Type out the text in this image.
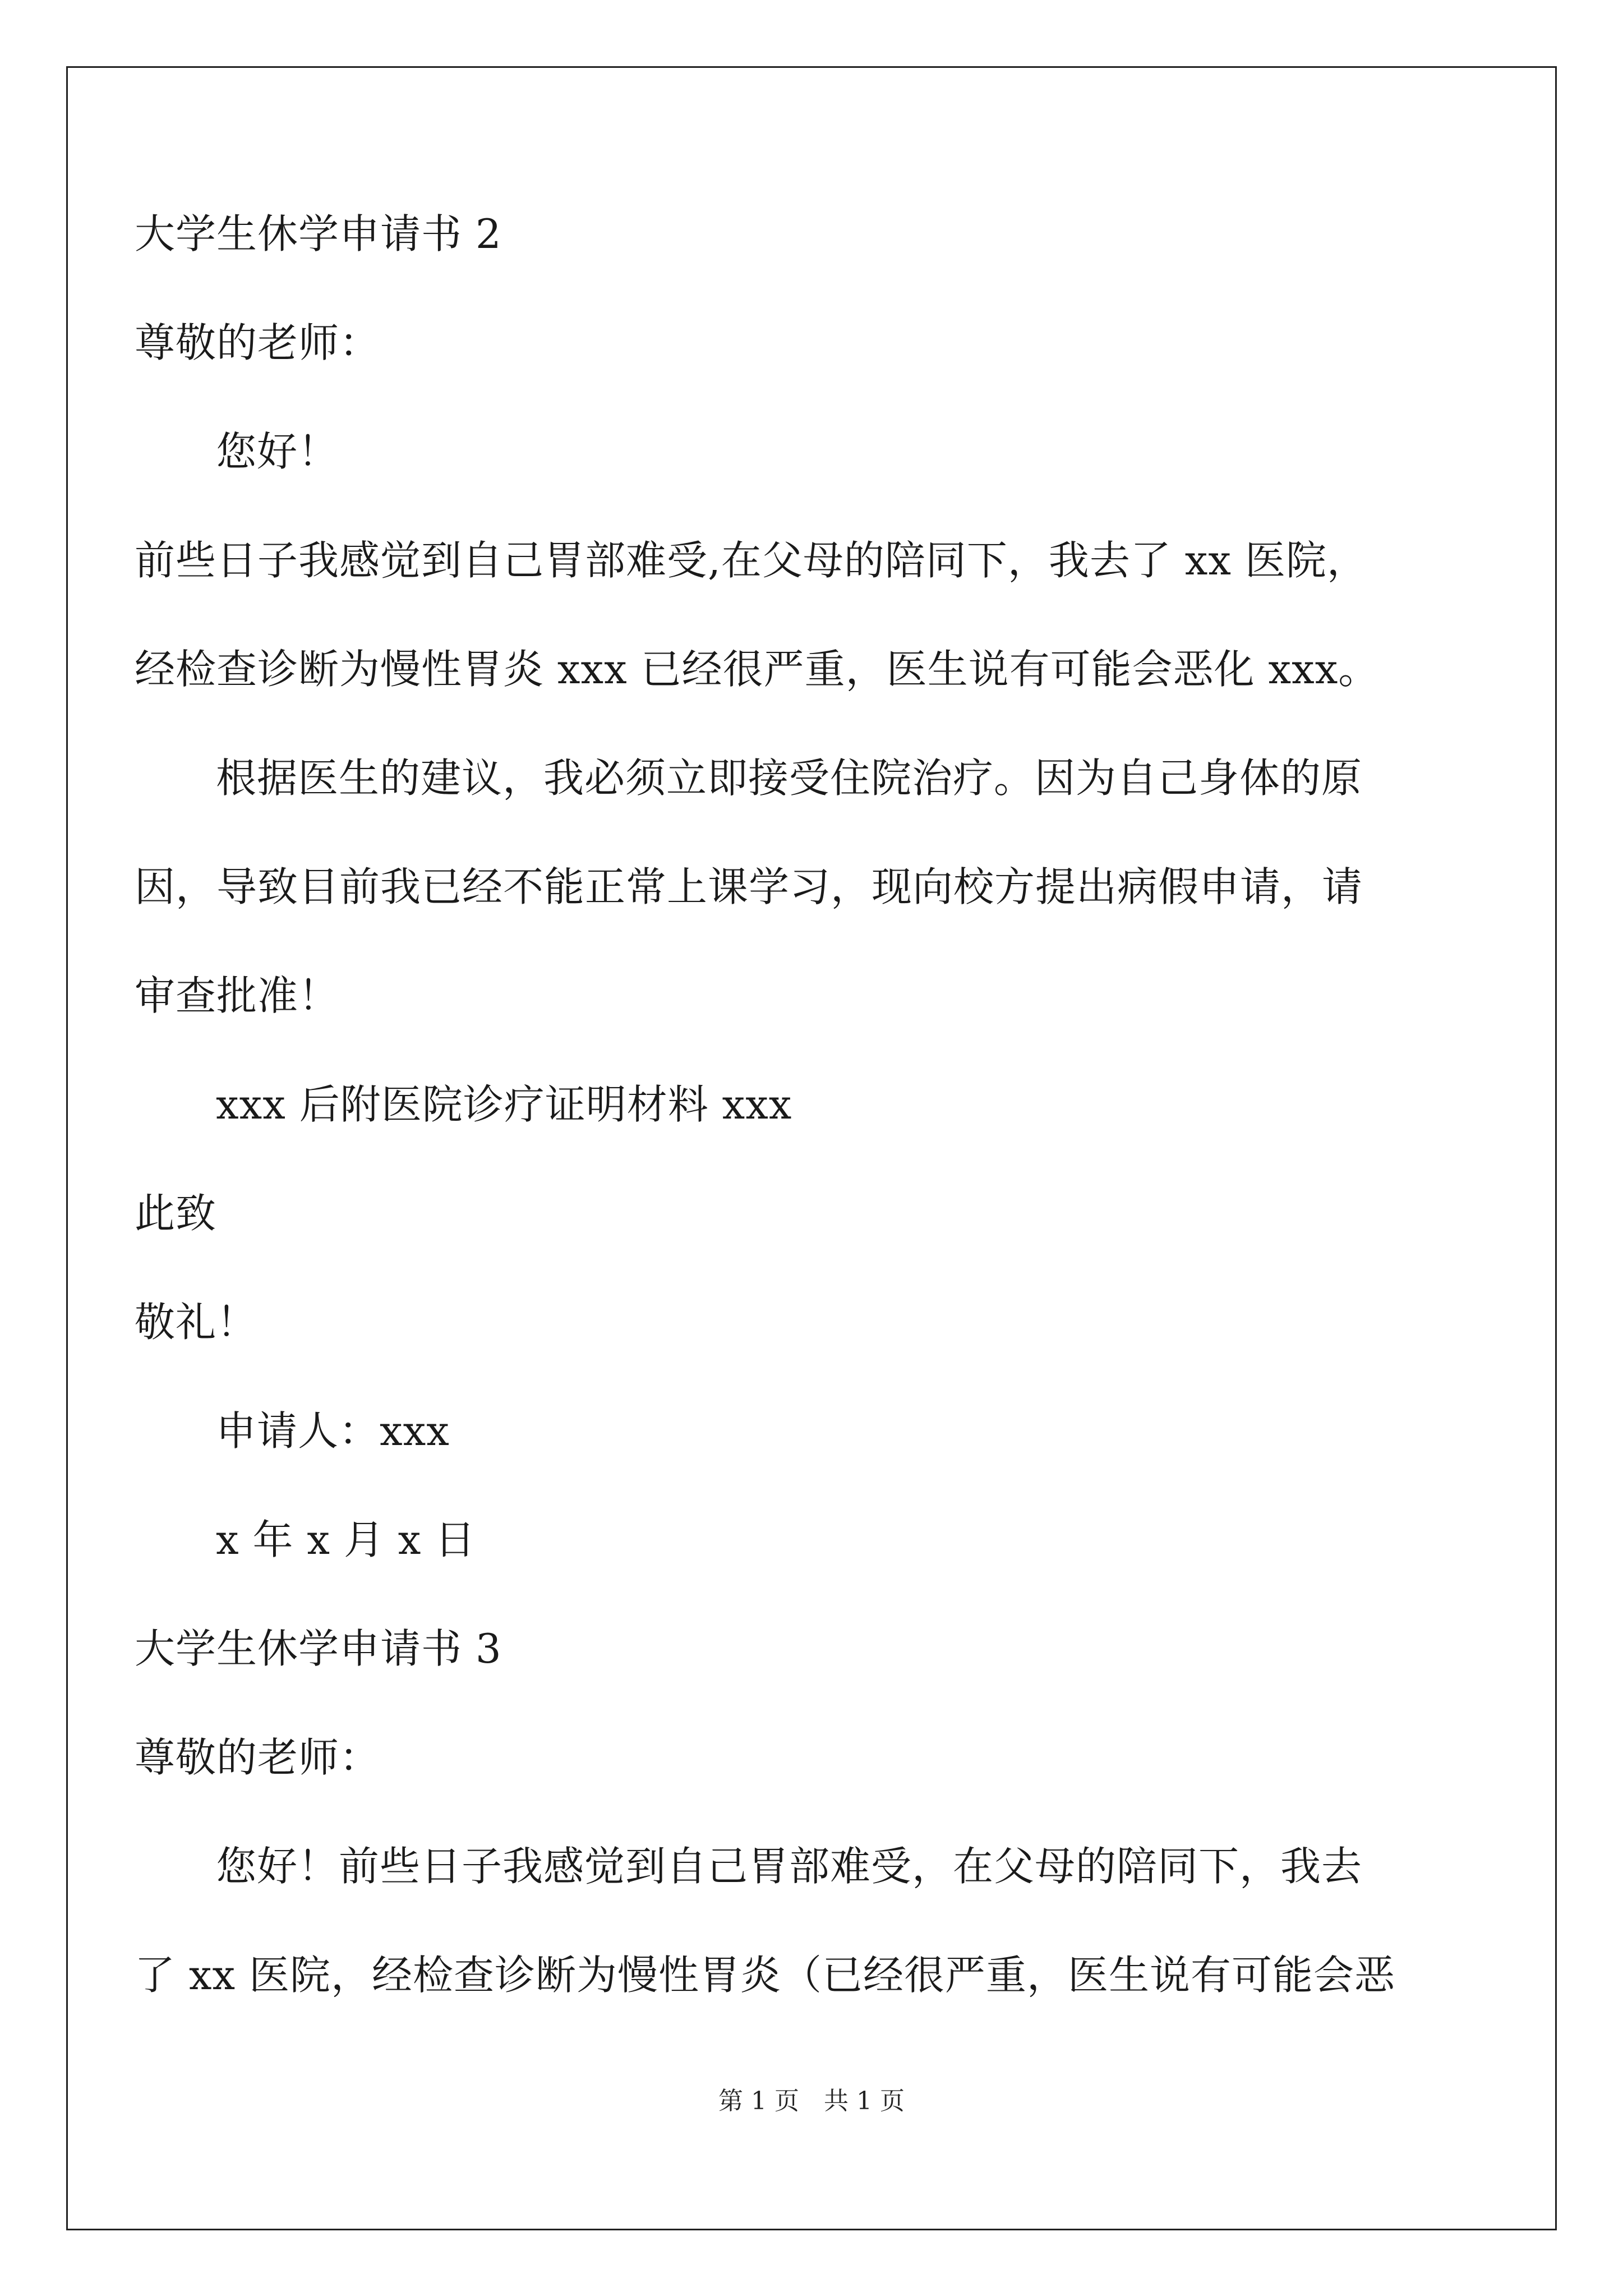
大学生休学申请书 2
尊敬的老师：
您好！
前些日子我感觉到自己胃部难受,在父母的陪同下，我去了 xx 医院，
经检查诊断为慢性胃炎 xxx 已经很严重，医生说有可能会恶化 xxx。
根据医生的建议，我必须立即接受住院治疗。因为自己身体的原
因，导致目前我已经不能正常上课学习，现向校方提出病假申请，请
审查批准！
xxx 后附医院诊疗证明材料 xxx
此致
敬礼！
申请人：xxx
x 年 x 月 x 日
大学生休学申请书 3
尊敬的老师：
您好！前些日子我感觉到自己胃部难受，在父母的陪同下，我去
了 xx 医院，经检查诊断为慢性胃炎（已经很严重，医生说有可能会恶
第 1 页　共 1 页
